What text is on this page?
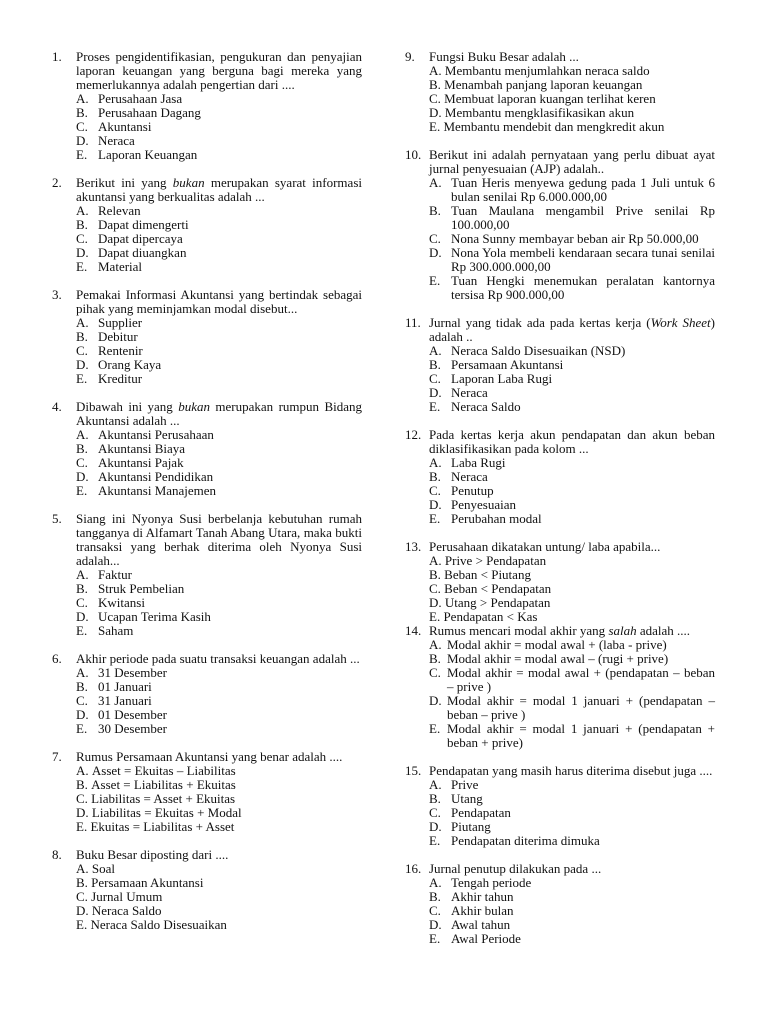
1.	Proses pengidentifikasian, pengukuran dan penyajian laporan keuangan yang berguna bagi mereka yang memerlukannya adalah pengertian dari ....
A. Perusahaan Jasa
B. Perusahaan Dagang
C. Akuntansi
D. Neraca
E. Laporan Keuangan
2.	Berikut ini yang bukan merupakan syarat informasi akuntansi yang berkualitas adalah ...
A. Relevan
B. Dapat dimengerti
C. Dapat dipercaya
D. Dapat diuangkan
E. Material
3.	Pemakai Informasi Akuntansi yang bertindak sebagai pihak yang meminjamkan modal disebut...
A. Supplier
B. Debitur
C. Rentenir
D. Orang Kaya
E. Kreditur
4.	Dibawah ini yang bukan merupakan rumpun Bidang Akuntansi adalah ...
A. Akuntansi Perusahaan
B. Akuntansi Biaya
C. Akuntansi Pajak
D. Akuntansi Pendidikan
E. Akuntansi Manajemen
5.	Siang ini Nyonya Susi berbelanja kebutuhan rumah tangganya di Alfamart Tanah Abang Utara, maka bukti transaksi yang berhak diterima oleh Nyonya Susi adalah...
A. Faktur
B. Struk Pembelian
C. Kwitansi
D. Ucapan Terima Kasih
E. Saham
6.	Akhir periode pada suatu transaksi keuangan adalah ...
A. 31 Desember
B. 01 Januari
C. 31 Januari
D. 01 Desember
E. 30 Desember
7.	Rumus Persamaan Akuntansi yang benar adalah ....
A.
Asset = Ekuitas – Liabilitas
B.
Asset = Liabilitas + Ekuitas
C.
Liabilitas = Asset + Ekuitas
D.
Liabilitas = Ekuitas + Modal
E.
Ekuitas = Liabilitas + Asset
8.	Buku Besar diposting dari ....
A.
Soal
B.
Persamaan Akuntansi
C.
Jurnal Umum
D.
Neraca Saldo
E.
Neraca Saldo Disesuaikan
9.	Fungsi Buku Besar adalah ...
A.
Membantu menjumlahkan neraca saldo
B.
Menambah panjang laporan keuangan
C.
Membuat laporan kuangan terlihat keren
D.
Membantu mengklasifikasikan akun
E.
Membantu mendebit dan mengkredit akun
10. Berikut ini adalah pernyataan yang perlu dibuat ayat jurnal penyesuaian (AJP) adalah..
A. Tuan Heris menyewa gedung pada 1 Juli untuk 6 bulan senilai Rp 6.000.000,00
B. Tuan Maulana mengambil Prive senilai Rp 100.000,00
C. Nona Sunny membayar beban air Rp 50.000,00
D. Nona Yola membeli kendaraan secara tunai senilai Rp 300.000.000,00
E. Tuan Hengki menemukan peralatan kantornya tersisa Rp 900.000,00
11. Jurnal yang tidak ada pada kertas kerja (Work Sheet) adalah ..
A. Neraca Saldo Disesuaikan (NSD)
B. Persamaan Akuntansi
C. Laporan Laba Rugi
D. Neraca
E. Neraca Saldo
12. Pada kertas kerja akun pendapatan dan akun beban diklasifikasikan pada kolom ...
A. Laba Rugi
B. Neraca
C. Penutup
D. Penyesuaian
E. Perubahan modal
13. Perusahaan dikatakan untung/ laba apabila...
A.
Prive > Pendapatan
B.
Beban < Piutang
C.
Beban < Pendapatan
D.
Utang > Pendapatan
E.
Pendapatan < Kas
14. Rumus mencari modal akhir yang salah adalah ....
A. Modal akhir = modal awal + (laba - prive)
B. Modal akhir = modal awal – (rugi + prive)
C. Modal akhir = modal awal + (pendapatan – beban – prive )
D. Modal akhir = modal 1 januari + (pendapatan – beban – prive )
E. Modal akhir = modal 1 januari + (pendapatan + beban + prive)
15. Pendapatan yang masih harus diterima disebut juga ....
A. Prive
B. Utang
C. Pendapatan
D. Piutang
E. Pendapatan diterima dimuka
16. Jurnal penutup dilakukan pada ...
A. Tengah periode
B. Akhir tahun
C. Akhir bulan
D. Awal tahun
E. Awal Periode
